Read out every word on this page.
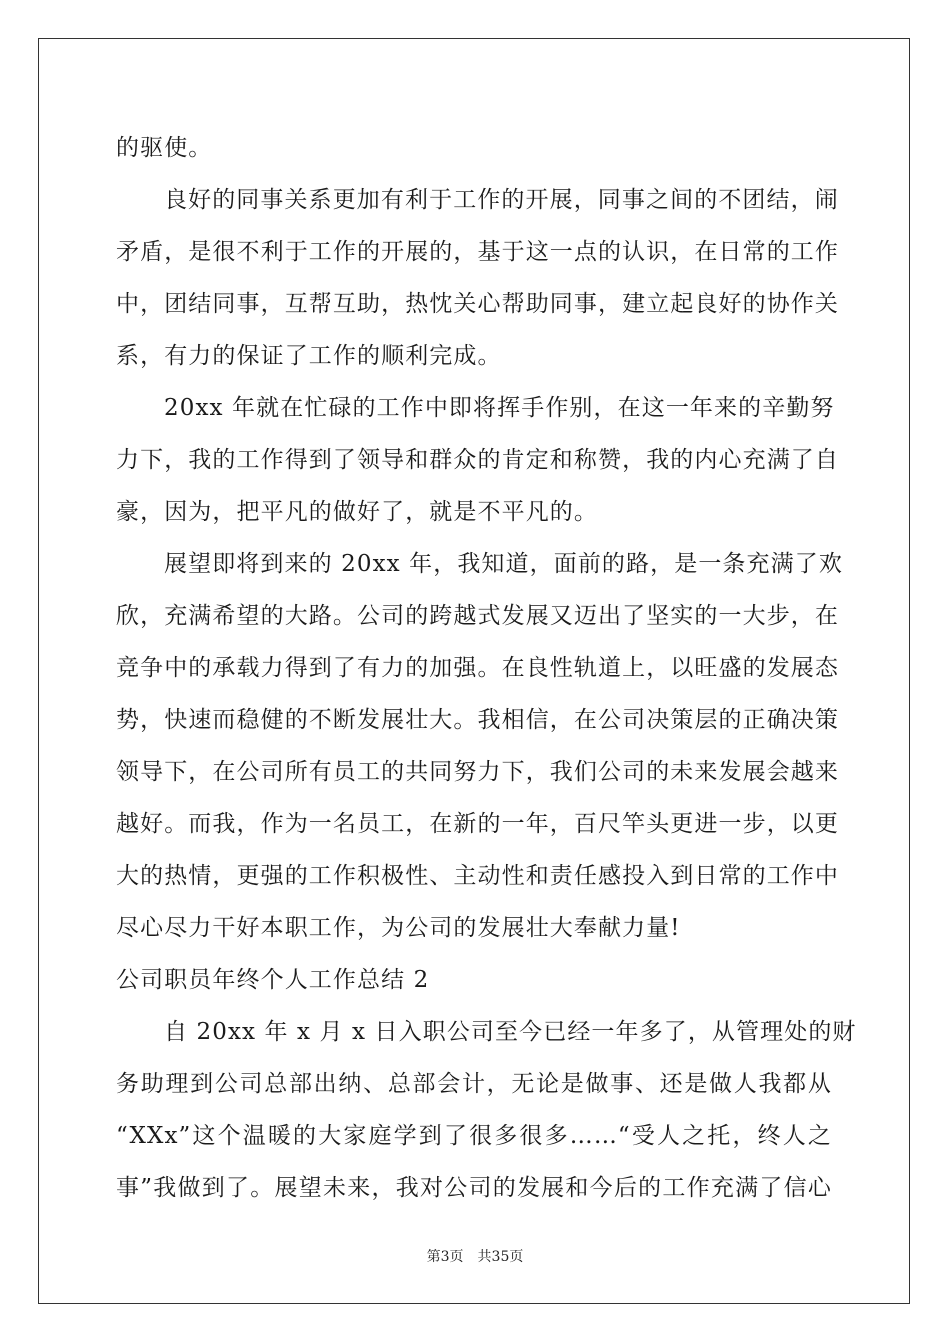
的驱使。
良好的同事关系更加有利于工作的开展，同事之间的不团结，闹
矛盾，是很不利于工作的开展的，基于这一点的认识，在日常的工作
中，团结同事，互帮互助，热忱关心帮助同事，建立起良好的协作关
系，有力的保证了工作的顺利完成。
20xx 年就在忙碌的工作中即将挥手作别，在这一年来的辛勤努
力下，我的工作得到了领导和群众的肯定和称赞，我的内心充满了自
豪，因为，把平凡的做好了，就是不平凡的。
展望即将到来的 20xx 年，我知道，面前的路，是一条充满了欢
欣，充满希望的大路。公司的跨越式发展又迈出了坚实的一大步，在
竞争中的承载力得到了有力的加强。在良性轨道上，以旺盛的发展态
势，快速而稳健的不断发展壮大。我相信，在公司决策层的正确决策
领导下，在公司所有员工的共同努力下，我们公司的未来发展会越来
越好。而我，作为一名员工，在新的一年，百尺竿头更进一步，以更
大的热情，更强的工作积极性、主动性和责任感投入到日常的工作中
尽心尽力干好本职工作，为公司的发展壮大奉献力量!
公司职员年终个人工作总结 2
自 20xx 年 x 月 x 日入职公司至今已经一年多了，从管理处的财
务助理到公司总部出纳、总部会计，无论是做事、还是做人我都从
“XXx”这个温暖的大家庭学到了很多很多……“受人之托，终人之
事”我做到了。展望未来，我对公司的发展和今后的工作充满了信心
第3页 共35页
